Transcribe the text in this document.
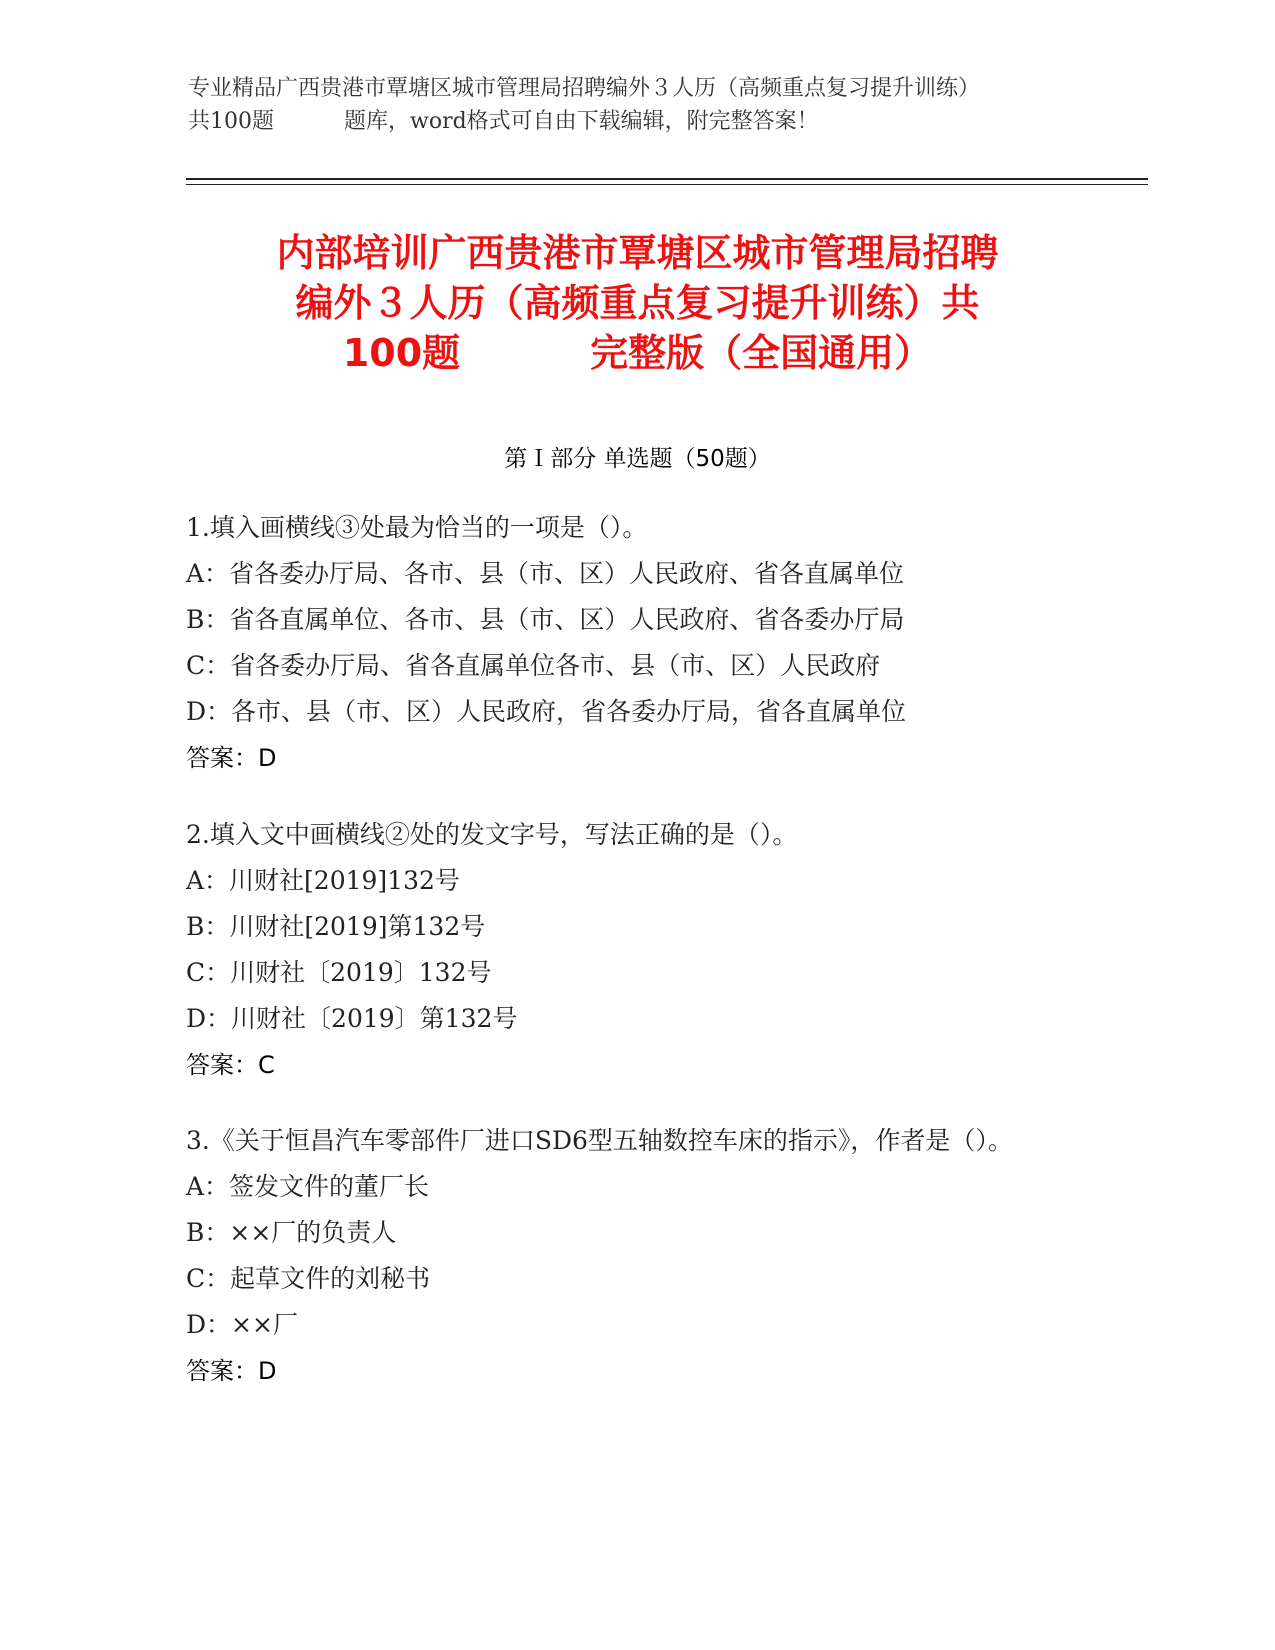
专业精品广西贵港市覃塘区城市管理局招聘编外３人历（高频重点复习提升训练）
共100题	题库，word格式可自由下载编辑，附完整答案！
内部培训广西贵港市覃塘区城市管理局招聘
编外３人历（高频重点复习提升训练）共
100题	完整版（全国通用）
第Ｉ部分 单选题（50题）
1.填入画横线③处最为恰当的一项是（）。
A：省各委办厅局、各市、县（市、区）人民政府、省各直属单位
B：省各直属单位、各市、县（市、区）人民政府、省各委办厅局
C：省各委办厅局、省各直属单位各市、县（市、区）人民政府
D：各市、县（市、区）人民政府，省各委办厅局，省各直属单位
答案：D
2.填入文中画横线②处的发文字号，写法正确的是（）。
A：川财社[2019]132号
B：川财社[2019]第132号
C：川财社〔2019〕132号
D：川财社〔2019〕第132号
答案：C
3.《关于恒昌汽车零部件厂进口SD6型五轴数控车床的指示》，作者是（）。
A：签发文件的董厂长
B：××厂的负责人
C：起草文件的刘秘书
D：××厂
答案：D
